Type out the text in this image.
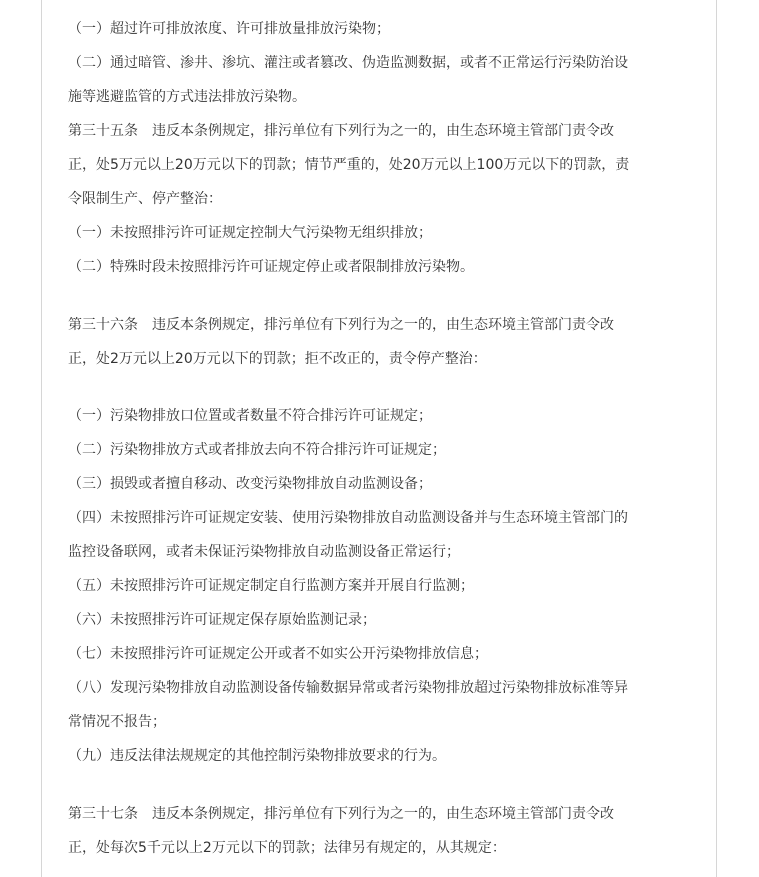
（一）超过许可排放浓度、许可排放量排放污染物；

（二）通过暗管、渗井、渗坑、灌注或者篡改、伪造监测数据，或者不正常运行污染防治设
施等逃避监管的方式违法排放污染物。

第三十五条　违反本条例规定，排污单位有下列行为之一的，由生态环境主管部门责令改
正，处5万元以上20万元以下的罚款；情节严重的，处20万元以上100万元以下的罚款，责
令限制生产、停产整治：

（一）未按照排污许可证规定控制大气污染物无组织排放；

（二）特殊时段未按照排污许可证规定停止或者限制排放污染物。

第三十六条　违反本条例规定，排污单位有下列行为之一的，由生态环境主管部门责令改
正，处2万元以上20万元以下的罚款；拒不改正的，责令停产整治：

（一）污染物排放口位置或者数量不符合排污许可证规定；

（二）污染物排放方式或者排放去向不符合排污许可证规定；

（三）损毁或者擅自移动、改变污染物排放自动监测设备；

（四）未按照排污许可证规定安装、使用污染物排放自动监测设备并与生态环境主管部门的
监控设备联网，或者未保证污染物排放自动监测设备正常运行；

（五）未按照排污许可证规定制定自行监测方案并开展自行监测；

（六）未按照排污许可证规定保存原始监测记录；

（七）未按照排污许可证规定公开或者不如实公开污染物排放信息；

（八）发现污染物排放自动监测设备传输数据异常或者污染物排放超过污染物排放标准等异
常情况不报告；

（九）违反法律法规规定的其他控制污染物排放要求的行为。

第三十七条　违反本条例规定，排污单位有下列行为之一的，由生态环境主管部门责令改
正，处每次5千元以上2万元以下的罚款；法律另有规定的，从其规定：
